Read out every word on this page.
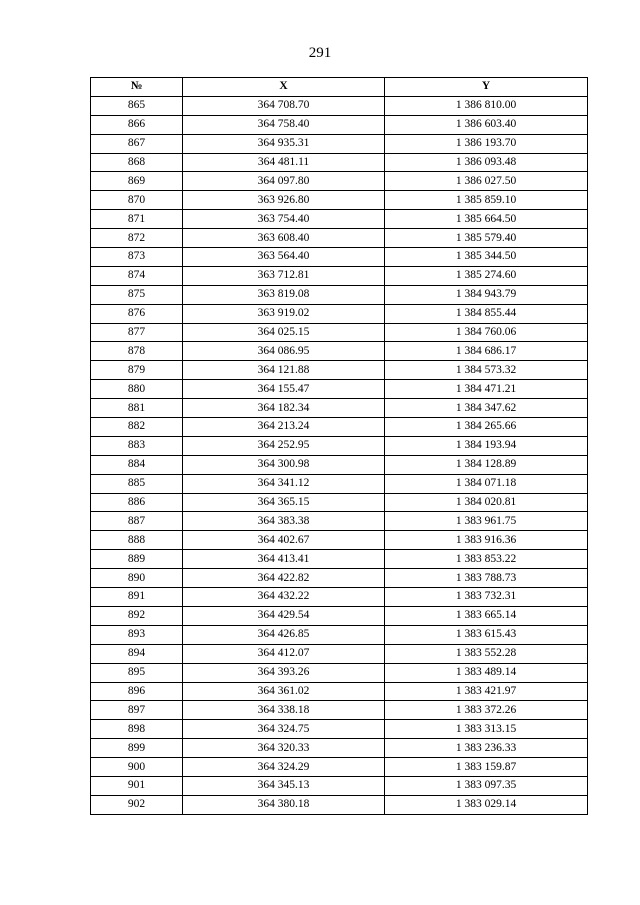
291
№	X	Y
865	364 708.70	1 386 810.00
866	364 758.40	1 386 603.40
867	364 935.31	1 386 193.70
868	364 481.11	1 386 093.48
869	364 097.80	1 386 027.50
870	363 926.80	1 385 859.10
871	363 754.40	1 385 664.50
872	363 608.40	1 385 579.40
873	363 564.40	1 385 344.50
874	363 712.81	1 385 274.60
875	363 819.08	1 384 943.79
876	363 919.02	1 384 855.44
877	364 025.15	1 384 760.06
878	364 086.95	1 384 686.17
879	364 121.88	1 384 573.32
880	364 155.47	1 384 471.21
881	364 182.34	1 384 347.62
882	364 213.24	1 384 265.66
883	364 252.95	1 384 193.94
884	364 300.98	1 384 128.89
885	364 341.12	1 384 071.18
886	364 365.15	1 384 020.81
887	364 383.38	1 383 961.75
888	364 402.67	1 383 916.36
889	364 413.41	1 383 853.22
890	364 422.82	1 383 788.73
891	364 432.22	1 383 732.31
892	364 429.54	1 383 665.14
893	364 426.85	1 383 615.43
894	364 412.07	1 383 552.28
895	364 393.26	1 383 489.14
896	364 361.02	1 383 421.97
897	364 338.18	1 383 372.26
898	364 324.75	1 383 313.15
899	364 320.33	1 383 236.33
900	364 324.29	1 383 159.87
901	364 345.13	1 383 097.35
902	364 380.18	1 383 029.14
